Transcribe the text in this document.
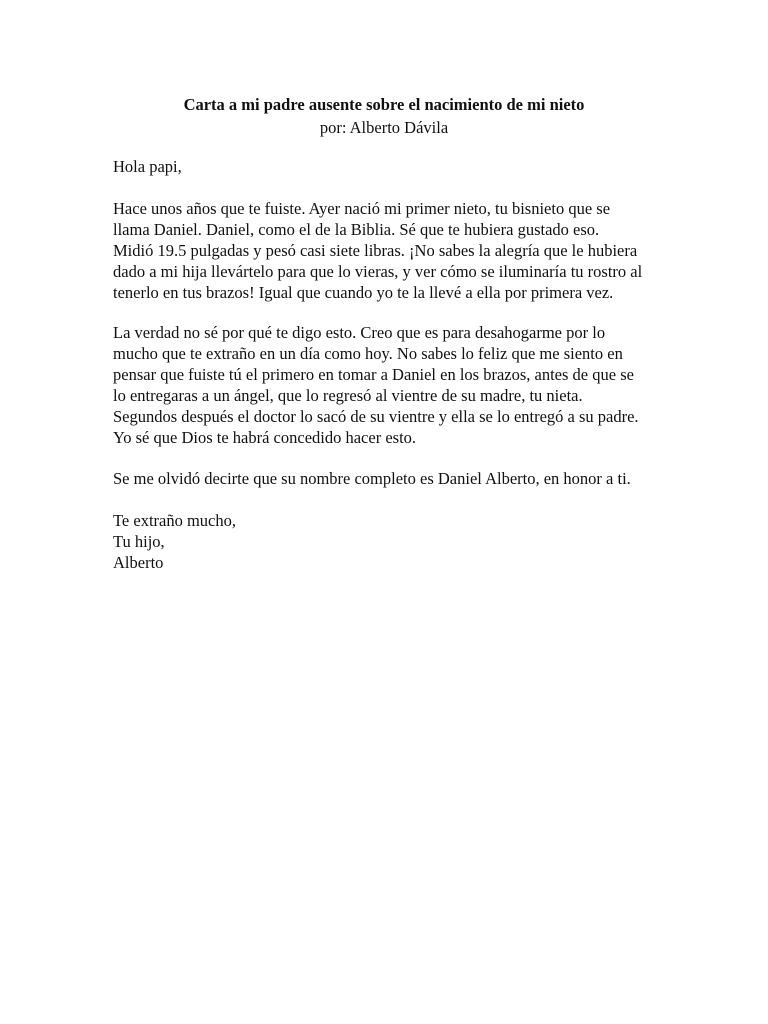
Carta a mi padre ausente sobre el nacimiento de mi nieto

por: Alberto Dávila

Hola papi,

Hace unos años que te fuiste. Ayer nació mi primer nieto, tu bisnieto que se
llama Daniel. Daniel, como el de la Biblia. Sé que te hubiera gustado eso.
Midió 19.5 pulgadas y pesó casi siete libras. ¡No sabes la alegría que le hubiera
dado a mi hija llevártelo para que lo vieras, y ver cómo se iluminaría tu rostro al
tenerlo en tus brazos! Igual que cuando yo te la llevé a ella por primera vez.
La verdad no sé por qué te digo esto. Creo que es para desahogarme por lo
mucho que te extraño en un día como hoy. No sabes lo feliz que me siento en
pensar que fuiste tú el primero en tomar a Daniel en los brazos, antes de que se
lo entregaras a un ángel, que lo regresó al vientre de su madre, tu nieta.
Segundos después el doctor lo sacó de su vientre y ella se lo entregó a su padre.
Yo sé que Dios te habrá concedido hacer esto.

Se me olvidó decirte que su nombre completo es Daniel Alberto, en honor a ti.

Te extraño mucho,
Tu hijo,
Alberto
